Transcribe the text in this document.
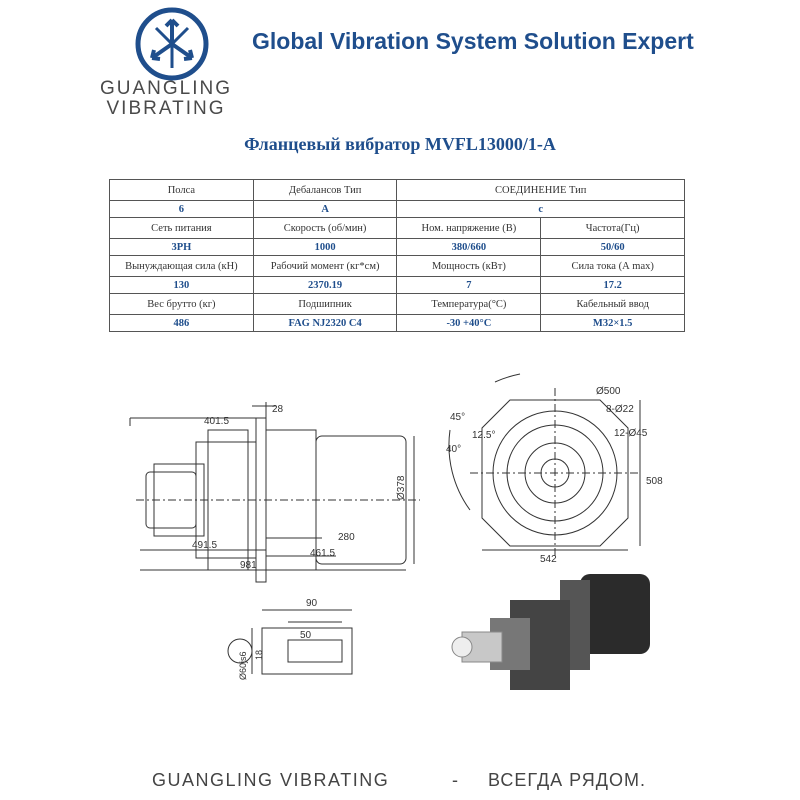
GUANGLING
VIBRATING
Global Vibration System Solution Expert
Фланцевый вибратор MVFL13000/1-A
Полса	Дебалансов Тип	СОЕДИНЕНИЕ Тип	
6	A	c	
Сеть питания	Скорость (об/мин)	Ном. напряжение (В)	Частота(Гц)
3PH	1000	380/660	50/60
Вынуждающая сила (кН)	Рабочий момент (кг*см)	Мощность (кВт)	Сила тока (А max)
130	2370.19	7	17.2
Вес брутто (кг)	Подшипник	Температура(°С)	Кабельный ввод
486	FAG NJ2320 C4	-30 +40°C	M32×1.5
401.5
28
491.5
280
461.5
981
Ø378
45°
12.5°
40°
Ø500
8-Ø22
12-Ø45
508
542
90
50
Ø60js6 18
GUANGLING VIBRATING	- ВСЕГДА РЯДОМ.
